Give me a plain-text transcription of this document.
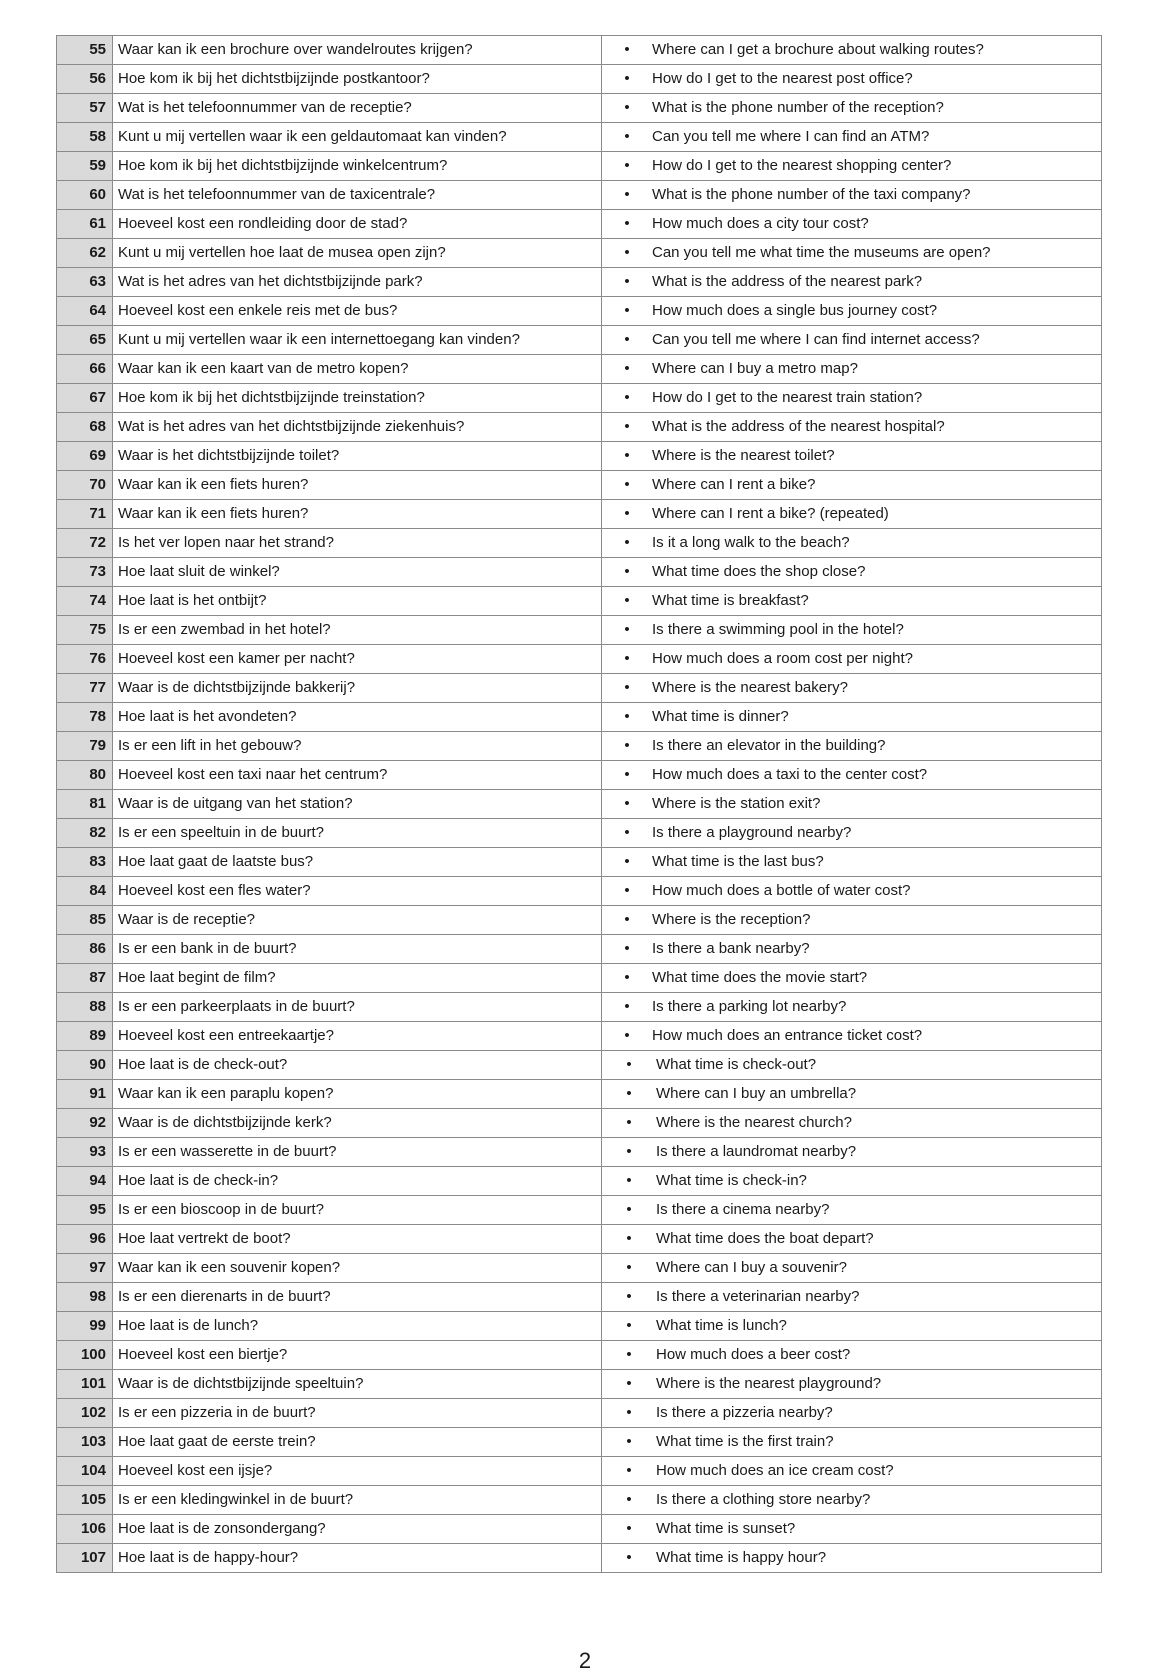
55	Waar kan ik een brochure over wandelroutes krijgen?	• Where can I get a brochure about walking routes?
56	Hoe kom ik bij het dichtstbijzijnde postkantoor?	• How do I get to the nearest post office?
57	Wat is het telefoonnummer van de receptie?	• What is the phone number of the reception?
58	Kunt u mij vertellen waar ik een geldautomaat kan vinden?	• Can you tell me where I can find an ATM?
59	Hoe kom ik bij het dichtstbijzijnde winkelcentrum?	• How do I get to the nearest shopping center?
60	Wat is het telefoonnummer van de taxicentrale?	• What is the phone number of the taxi company?
61	Hoeveel kost een rondleiding door de stad?	• How much does a city tour cost?
62	Kunt u mij vertellen hoe laat de musea open zijn?	• Can you tell me what time the museums are open?
63	Wat is het adres van het dichtstbijzijnde park?	• What is the address of the nearest park?
64	Hoeveel kost een enkele reis met de bus?	• How much does a single bus journey cost?
65	Kunt u mij vertellen waar ik een internettoegang kan vinden?	• Can you tell me where I can find internet access?
66	Waar kan ik een kaart van de metro kopen?	• Where can I buy a metro map?
67	Hoe kom ik bij het dichtstbijzijnde treinstation?	• How do I get to the nearest train station?
68	Wat is het adres van het dichtstbijzijnde ziekenhuis?	• What is the address of the nearest hospital?
69	Waar is het dichtstbijzijnde toilet?	• Where is the nearest toilet?
70	Waar kan ik een fiets huren?	• Where can I rent a bike?
71	Waar kan ik een fiets huren?	• Where can I rent a bike? (repeated)
72	Is het ver lopen naar het strand?	• Is it a long walk to the beach?
73	Hoe laat sluit de winkel?	• What time does the shop close?
74	Hoe laat is het ontbijt?	• What time is breakfast?
75	Is er een zwembad in het hotel?	• Is there a swimming pool in the hotel?
76	Hoeveel kost een kamer per nacht?	• How much does a room cost per night?
77	Waar is de dichtstbijzijnde bakkerij?	• Where is the nearest bakery?
78	Hoe laat is het avondeten?	• What time is dinner?
79	Is er een lift in het gebouw?	• Is there an elevator in the building?
80	Hoeveel kost een taxi naar het centrum?	• How much does a taxi to the center cost?
81	Waar is de uitgang van het station?	• Where is the station exit?
82	Is er een speeltuin in de buurt?	• Is there a playground nearby?
83	Hoe laat gaat de laatste bus?	• What time is the last bus?
84	Hoeveel kost een fles water?	• How much does a bottle of water cost?
85	Waar is de receptie?	• Where is the reception?
86	Is er een bank in de buurt?	• Is there a bank nearby?
87	Hoe laat begint de film?	• What time does the movie start?
88	Is er een parkeerplaats in de buurt?	• Is there a parking lot nearby?
89	Hoeveel kost een entreekaartje?	• How much does an entrance ticket cost?
90	Hoe laat is de check-out?	• What time is check-out?
91	Waar kan ik een paraplu kopen?	• Where can I buy an umbrella?
92	Waar is de dichtstbijzijnde kerk?	• Where is the nearest church?
93	Is er een wasserette in de buurt?	• Is there a laundromat nearby?
94	Hoe laat is de check-in?	• What time is check-in?
95	Is er een bioscoop in de buurt?	• Is there a cinema nearby?
96	Hoe laat vertrekt de boot?	• What time does the boat depart?
97	Waar kan ik een souvenir kopen?	• Where can I buy a souvenir?
98	Is er een dierenarts in de buurt?	• Is there a veterinarian nearby?
99	Hoe laat is de lunch?	• What time is lunch?
100	Hoeveel kost een biertje?	• How much does a beer cost?
101	Waar is de dichtstbijzijnde speeltuin?	• Where is the nearest playground?
102	Is er een pizzeria in de buurt?	• Is there a pizzeria nearby?
103	Hoe laat gaat de eerste trein?	• What time is the first train?
104	Hoeveel kost een ijsje?	• How much does an ice cream cost?
105	Is er een kledingwinkel in de buurt?	• Is there a clothing store nearby?
106	Hoe laat is de zonsondergang?	• What time is sunset?
107	Hoe laat is de happy-hour?	• What time is happy hour?
2
